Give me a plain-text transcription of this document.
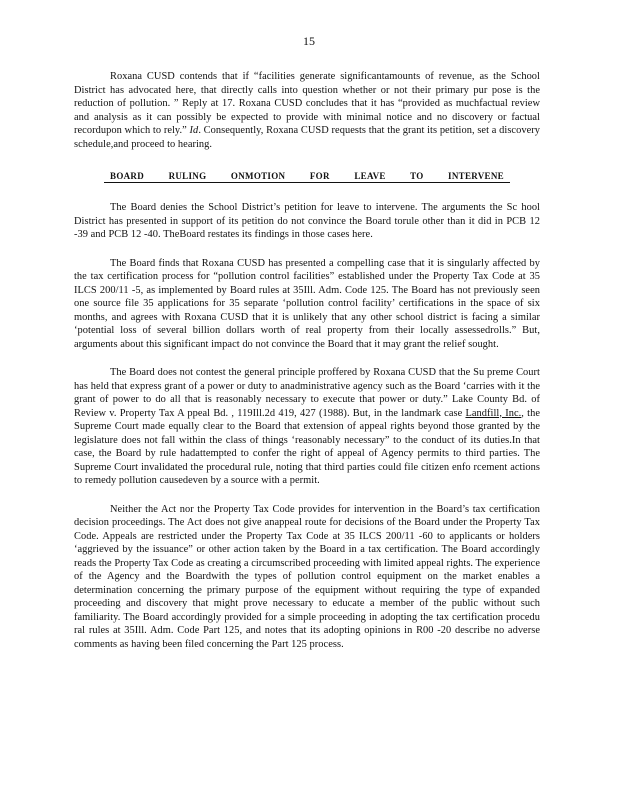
15

Roxana CUSD contends that if “facilities generate significantamounts of revenue, as the School District has advocated here, that directly calls into question whether or not their primary pur pose is the reduction of pollution. ” Reply at 17. Roxana CUSD concludes that it has “provided as muchfactual review and analysis as it can possibly be expected to provide with minimal notice and no discovery or factual recordupon which to rely.” Id. Consequently, Roxana CUSD requests that the grant its petition, set a discovery schedule,and proceed to hearing.

BOARD RULING ONMOTION FOR LEAVE TO INTERVENE

The Board denies the School District’s petition for leave to intervene. The arguments the Sc hool District has presented in support of its petition do not convince the Board torule other than it did in PCB 12 -39 and PCB 12 -40. TheBoard restates its findings in those cases here.

The Board finds that Roxana CUSD has presented a compelling case that it is singularly affected by the tax certification process for “pollution control facilities” established under the Property Tax Code at 35 ILCS 200/11 -5, as implemented by Board rules at 35Ill. Adm. Code 125. The Board has not previously seen one source file 35 applications for 35 separate ‘pollution control facility’ certifications in the space of six months, and agrees with Roxana CUSD that it is unlikely that any other school district is facing a similar ‘potential loss of several billion dollars worth of real property from their locally assessedrolls.” But, arguments about this significant impact do not convince the Board that it may grant the relief sought.

The Board does not contest the general principle proffered by Roxana CUSD that the Su preme Court has held that express grant of a power or duty to anadministrative agency such as the Board ‘carries with it the grant of power to do all that is reasonably necessary to execute that power or duty.” Lake County Bd. of Review v. Property Tax A ppeal Bd. , 119Ill.2d 419, 427 (1988). But, in the landmark case Landfill, Inc., the Supreme Court made equally clear to the Board that extension of appeal rights beyond those granted by the legislature does not fall within the class of things ‘reasonably necessary” to the conduct of its duties.In that case, the Board by rule hadattempted to confer the right of appeal of Agency permits to third parties. The Supreme Court invalidated the procedural rule, noting that third parties could file citizen enfo rcement actions to remedy pollution causedeven by a source with a permit.

Neither the Act nor the Property Tax Code provides for intervention in the Board’s tax certification decision proceedings. The Act does not give anappeal route for decisions of the Board under the Property Tax Code. Appeals are restricted under the Property Tax Code at 35 ILCS 200/11 -60 to applicants or holders ‘aggrieved by the issuance” or other action taken by the Board in a tax certification. The Board accordingly reads the Property Tax Code as creating a circumscribed proceeding with limited appeal rights. The experience of the Agency and the Boardwith the types of pollution control equipment on the market enables a determination concerning the primary purpose of the equipment without requiring the type of expanded proceeding and discovery that might prove necessary to educate a member of the public without such familiarity. The Board accordingly provided for a simple proceeding in adopting the tax certification procedu ral rules at 35Ill. Adm. Code Part 125, and notes that its adopting opinions in R00 -20 describe no adverse comments as having been filed concerning the Part 125 process.
